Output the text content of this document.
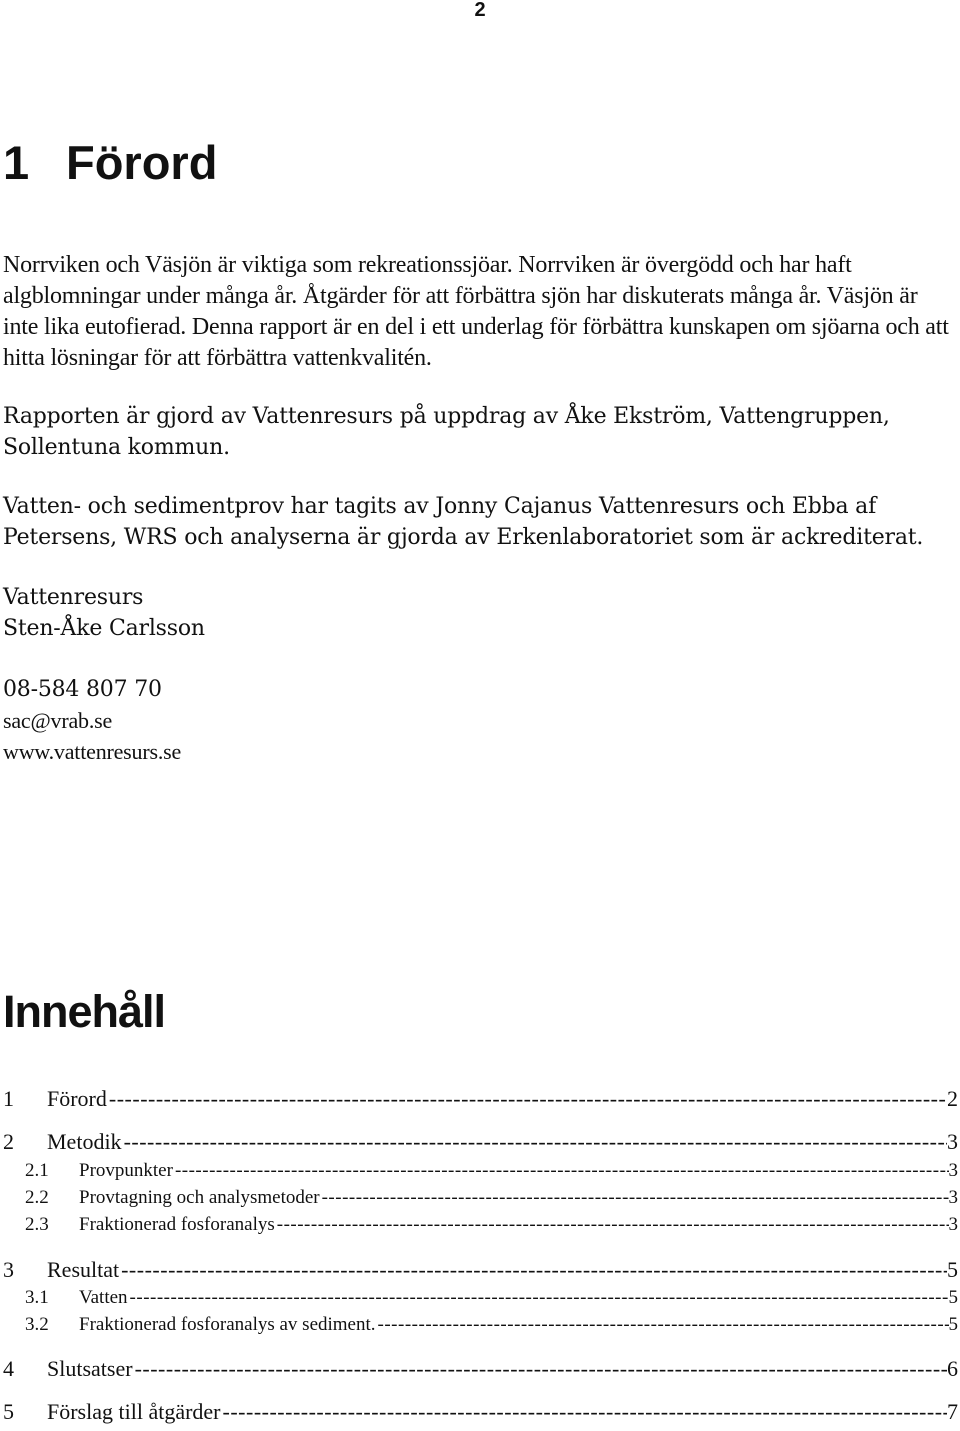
2
1 Förord

Norrviken och Väsjön är viktiga som rekreationssjöar. Norrviken är övergödd och har haft algblomningar under många år. Åtgärder för att förbättra sjön har diskuterats många år. Väsjön är inte lika eutofierad. Denna rapport är en del i ett underlag för förbättra kunskapen om sjöarna och att hitta lösningar för att förbättra vattenkvalitén.

Rapporten är gjord av Vattenresurs på uppdrag av Åke Ekström, Vattengruppen, Sollentuna kommun.

Vatten- och sedimentprov har tagits av Jonny Cajanus Vattenresurs och Ebba af Petersens, WRS och analyserna är gjorda av Erkenlaboratoriet som är ackrediterat.

Vattenresurs
Sten-Åke Carlsson
08-584 807 70
sac@vrab.se
www.vattenresurs.se
Innehåll
1	Förord -----	2
2	Metodik -----	3
2.1	Provpunkter -----	3
2.2	Provtagning och analysmetoder -----	3
2.3	Fraktionerad fosforanalys -----	3
3	Resultat -----	5
3.1	Vatten -----	5
3.2	Fraktionerad fosforanalys av sediment. -----	5
4	Slutsatser -----	6
5	Förslag till åtgärder -----	7
